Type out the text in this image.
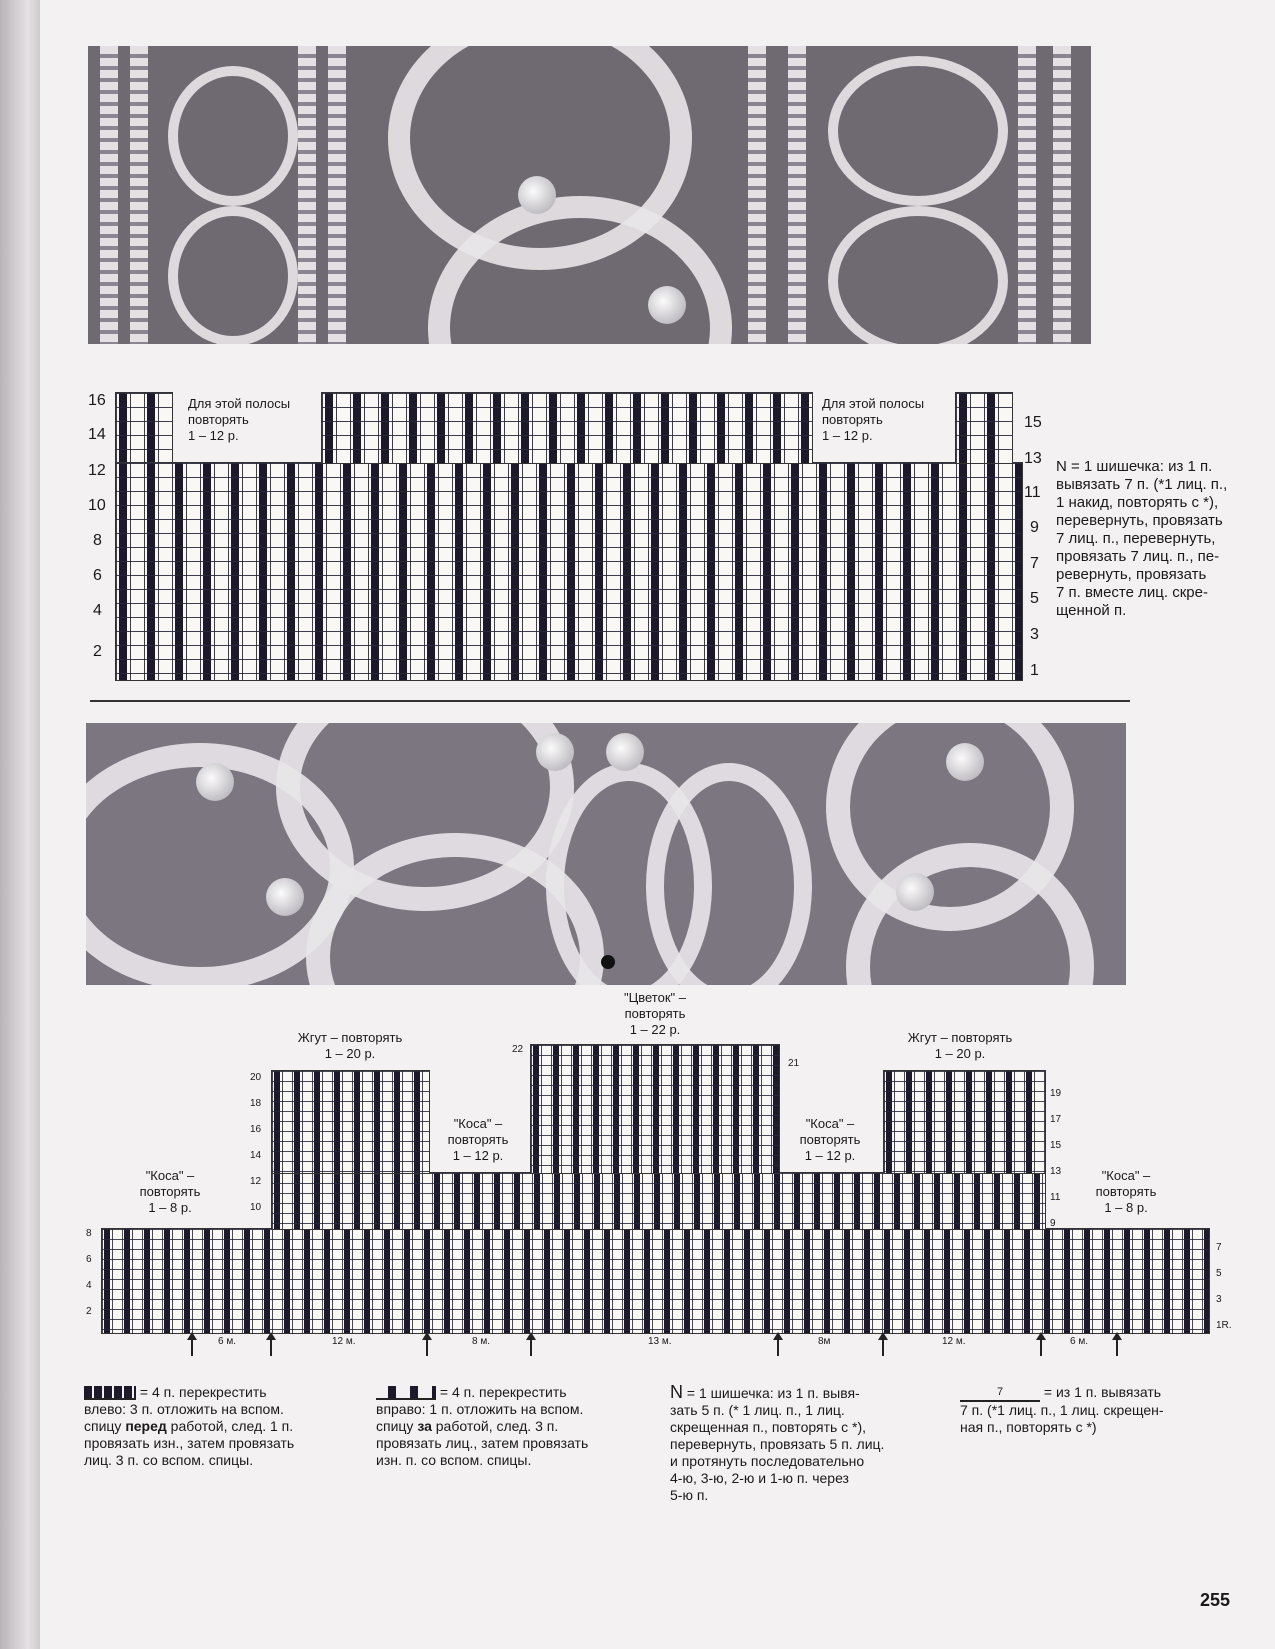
16
14
12
10
8
6
4
2
15
13
11
9
7
5
3
1
Для этой полосы
повторять
1 – 12 р.
Для этой полосы
повторять
1 – 12 р.
N = 1 шишечка: из 1 п.
вывязать 7 п. (*1 лиц. п.,
1 накид, повторять с *),
перевернуть, провязать
7 лиц. п., перевернуть,
провязать 7 лиц. п., пе-
ревернуть, провязать
7 п. вместе лиц. скре-
щенной п.
"Цветок" –
повторять
1 – 22 р.
Жгут – повторять
1 – 20 р.
Жгут – повторять
1 – 20 р.
"Коса" –
повторять
1 – 12 р.
"Коса" –
повторять
1 – 12 р.
"Коса" –
повторять
1 – 8 р.
"Коса" –
повторять
1 – 8 р.
22
21
20
18
16
14
12
10
19
17
15
13
11
9
8
6
4
2
7
5
3
1R.
6 м.	12 м.	8 м.	13 м.	8м	12 м.	6 м.
= 4 п. перекрестить
влево: 3 п. отложить на вспом.
спицу перед работой, след. 1 п.
провязать изн., затем провязать
лиц. 3 п. со вспом. спицы.
= 4 п. перекрестить
вправо: 1 п. отложить на вспом.
спицу за работой, след. 3 п.
провязать лиц., затем провязать
изн. п. со вспом. спицы.
N = 1 шишечка: из 1 п. вывя-
зать 5 п. (* 1 лиц. п., 1 лиц.
скрещенная п., повторять с *),
перевернуть, провязать 5 п. лиц.
и протянуть последовательно
4-ю, 3-ю, 2-ю и 1-ю п. через
5-ю п.
7	= из 1 п. вывязать
7 п. (*1 лиц. п., 1 лиц. скрещен-
ная п., повторять с *)
255
